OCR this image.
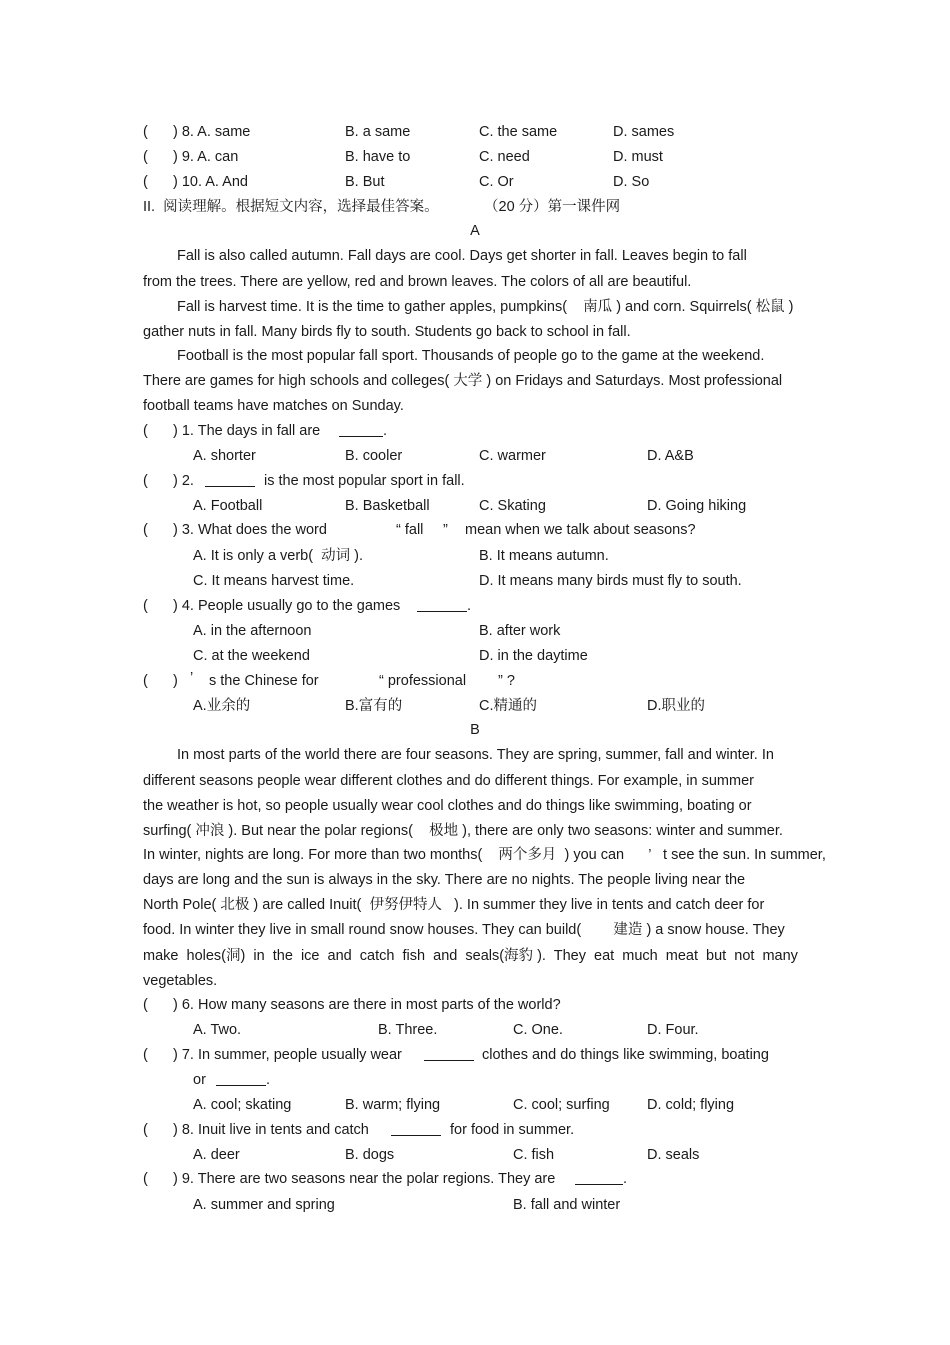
( ) 8. A. same	B. a same	C. the same	D. sames
( ) 9. A. can	B. have to	C. need	D. must
( ) 10. A. And	B. But	C. Or	D. So
II.  阅读理解。根据短文内容，选择最佳答案。	（20 分）第一课件网
A
Fall is also called autumn. Fall days are cool. Days get shorter in fall. Leaves begin to fall
from the trees. There are yellow, red and brown leaves. The colors of all are beautiful.
Fall is harvest time. It is the time to gather apples, pumpkins(    南瓜 ) and corn. Squirrels( 松鼠 )
gather nuts in fall. Many birds fly to south. Students go back to school in fall.
Football is the most popular fall sport. Thousands of people go to the game at the weekend.
There are games for high schools and colleges( 大学 ) on Fridays and Saturdays. Most professional
football teams have matches on Sunday.
( ) 1. The days in fall are	.
A. shorter	B. cooler	C. warmer	D. A&B
( ) 2.	is the most popular sport in fall.
A. Football	B. Basketball	C. Skating	D. Going hiking
( ) 3. What does the word	“ fall ” mean when we talk about seasons?
A. It is only a verb(  动词 ).	B. It means autumn.
C. It means harvest time.	D. It means many birds must fly to south.
( ) 4. People usually go to the games	.
A. in the afternoon	B. after work
C. at the weekend	D. in the daytime
( ) ’ s the Chinese for	“ professional ” ?
A.业余的	B.富有的	C.精通的	D.职业的
B
In most parts of the world there are four seasons. They are spring, summer, fall and winter. In
different seasons people wear different clothes and do different things. For example, in summer
the weather is hot, so people usually wear cool clothes and do things like swimming, boating or
surfing( 冲浪 ). But near the polar regions(    极地 ), there are only two seasons: winter and summer.
In winter, nights are long. For more than two months(    两个多月  ) you can      ’   t see the sun. In summer,
days are long and the sun is always in the sky. There are no nights. The people living near the
North Pole( 北极 ) are called Inuit(  伊努伊特人   ). In summer they live in tents and catch deer for
food. In winter they live in small round snow houses. They can build(        建造 ) a snow house. They
make  holes(洞)  in  the  ice  and  catch  fish  and  seals(海豹 ).  They  eat  much  meat  but  not  many
vegetables.
( ) 6. How many seasons are there in most parts of the world?
A. Two.	B. Three.	C. One.	D. Four.
( ) 7. In summer, people usually wear	clothes and do things like swimming, boating
or	.
A. cool; skating	B. warm; flying	C. cool; surfing	D. cold; flying
( ) 8. Inuit live in tents and catch	for food in summer.
A. deer	B. dogs	C. fish	D. seals
( ) 9. There are two seasons near the polar regions. They are	.
A. summer and spring	B. fall and winter
